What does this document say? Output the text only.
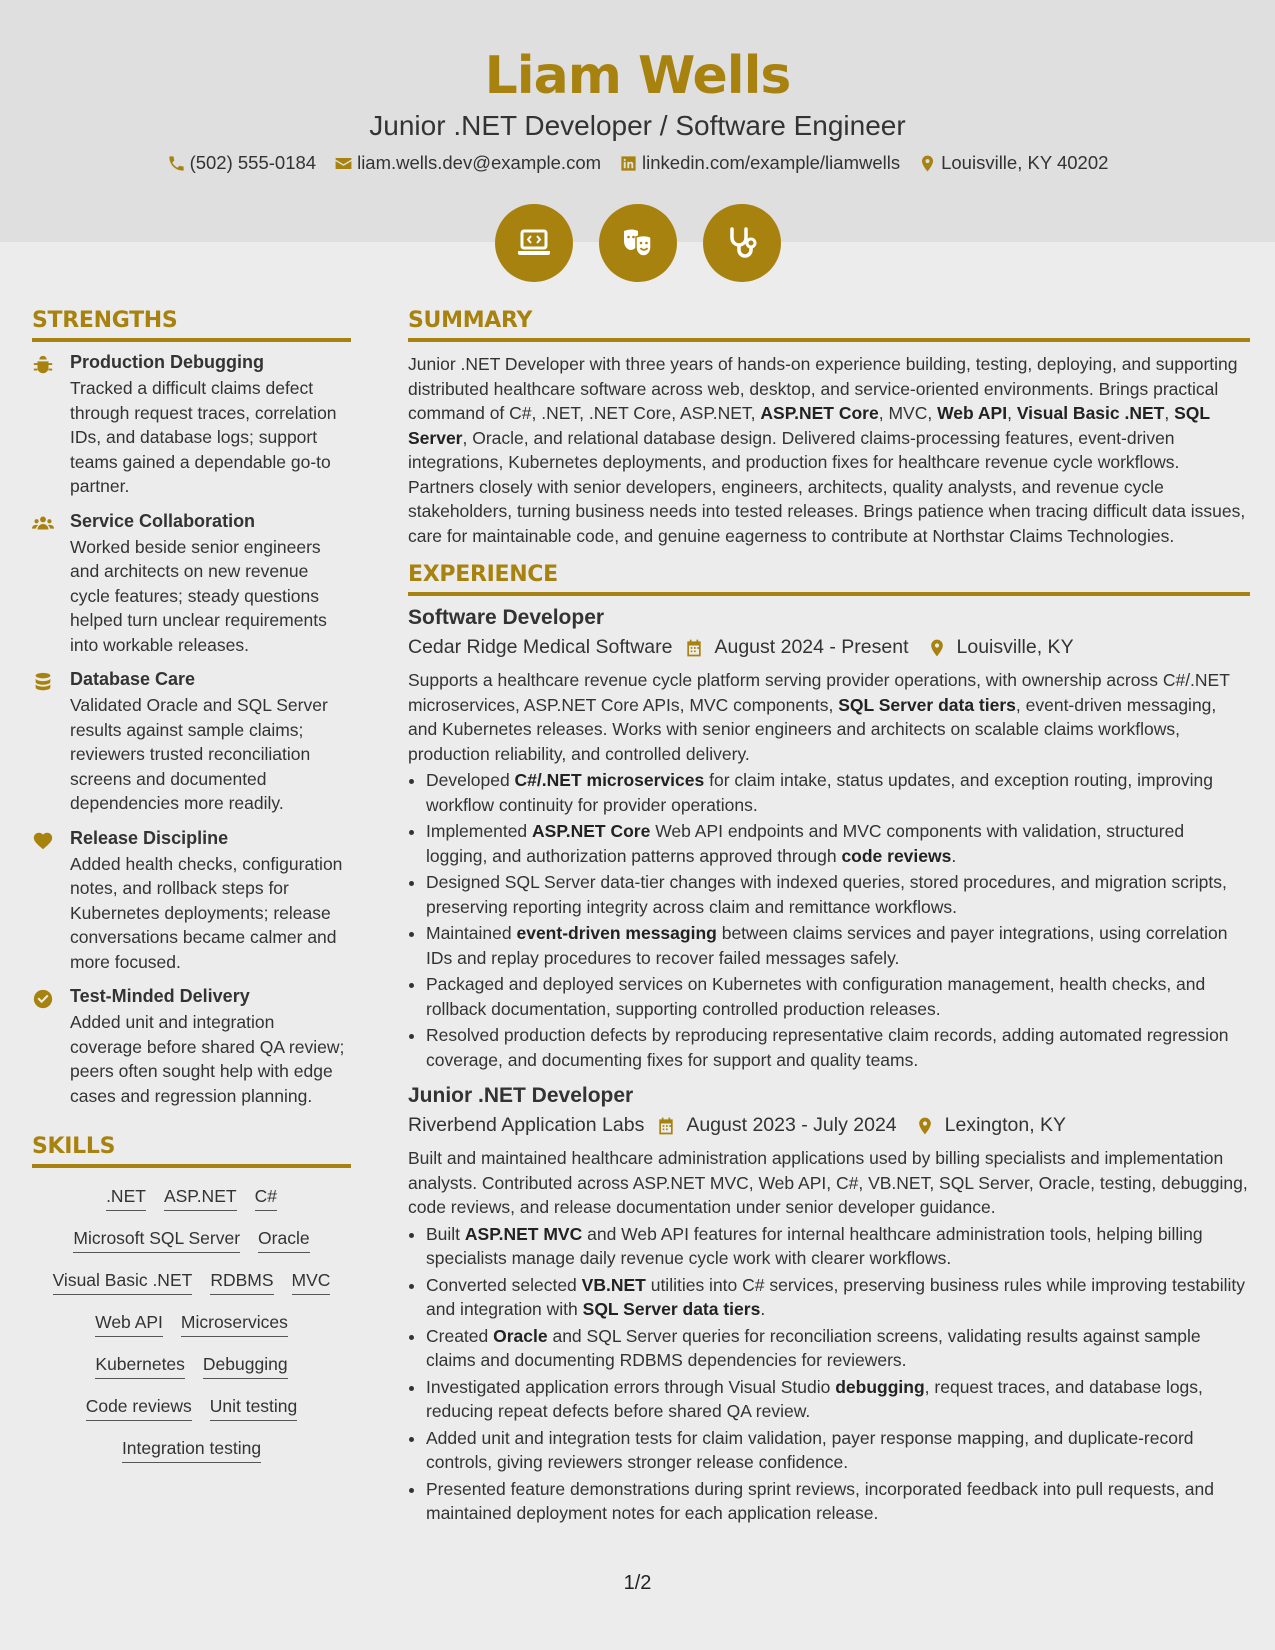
Liam Wells
Junior .NET Developer / Software Engineer
(502) 555-0184 liam.wells.dev@example.com linkedin.com/example/liamwells Louisville, KY 40202
STRENGTHS
Production Debugging
Tracked a difficult claims defect through request traces, correlation IDs, and database logs; support teams gained a dependable go-to partner.
Service Collaboration
Worked beside senior engineers and architects on new revenue cycle features; steady questions helped turn unclear requirements into workable releases.
Database Care
Validated Oracle and SQL Server results against sample claims; reviewers trusted reconciliation screens and documented dependencies more readily.
Release Discipline
Added health checks, configuration notes, and rollback steps for Kubernetes deployments; release conversations became calmer and more focused.
Test-Minded Delivery
Added unit and integration coverage before shared QA review; peers often sought help with edge cases and regression planning.
SKILLS
.NET ASP.NET C#
Microsoft SQL Server Oracle
Visual Basic .NET RDBMS MVC
Web API Microservices
Kubernetes Debugging
Code reviews Unit testing
Integration testing
SUMMARY
Junior .NET Developer with three years of hands-on experience building, testing, deploying, and supporting distributed healthcare software across web, desktop, and service-oriented environments. Brings practical command of C#, .NET, .NET Core, ASP.NET, ASP.NET Core, MVC, Web API, Visual Basic .NET, SQL Server, Oracle, and relational database design. Delivered claims-processing features, event-driven integrations, Kubernetes deployments, and production fixes for healthcare revenue cycle workflows. Partners closely with senior developers, engineers, architects, quality analysts, and revenue cycle stakeholders, turning business needs into tested releases. Brings patience when tracing difficult data issues, care for maintainable code, and genuine eagerness to contribute at Northstar Claims Technologies.
EXPERIENCE
Software Developer
Cedar Ridge Medical Software August 2024 - Present Louisville, KY
Supports a healthcare revenue cycle platform serving provider operations, with ownership across C#/.NET microservices, ASP.NET Core APIs, MVC components, SQL Server data tiers, event-driven messaging, and Kubernetes releases. Works with senior engineers and architects on scalable claims workflows, production reliability, and controlled delivery.
• Developed C#/.NET microservices for claim intake, status updates, and exception routing, improving workflow continuity for provider operations.
• Implemented ASP.NET Core Web API endpoints and MVC components with validation, structured logging, and authorization patterns approved through code reviews.
• Designed SQL Server data-tier changes with indexed queries, stored procedures, and migration scripts, preserving reporting integrity across claim and remittance workflows.
• Maintained event-driven messaging between claims services and payer integrations, using correlation IDs and replay procedures to recover failed messages safely.
• Packaged and deployed services on Kubernetes with configuration management, health checks, and rollback documentation, supporting controlled production releases.
• Resolved production defects by reproducing representative claim records, adding automated regression coverage, and documenting fixes for support and quality teams.
Junior .NET Developer
Riverbend Application Labs August 2023 - July 2024 Lexington, KY
Built and maintained healthcare administration applications used by billing specialists and implementation analysts. Contributed across ASP.NET MVC, Web API, C#, VB.NET, SQL Server, Oracle, testing, debugging, code reviews, and release documentation under senior developer guidance.
• Built ASP.NET MVC and Web API features for internal healthcare administration tools, helping billing specialists manage daily revenue cycle work with clearer workflows.
• Converted selected VB.NET utilities into C# services, preserving business rules while improving testability and integration with SQL Server data tiers.
• Created Oracle and SQL Server queries for reconciliation screens, validating results against sample claims and documenting RDBMS dependencies for reviewers.
• Investigated application errors through Visual Studio debugging, request traces, and database logs, reducing repeat defects before shared QA review.
• Added unit and integration tests for claim validation, payer response mapping, and duplicate-record controls, giving reviewers stronger release confidence.
• Presented feature demonstrations during sprint reviews, incorporated feedback into pull requests, and maintained deployment notes for each application release.
1/2
